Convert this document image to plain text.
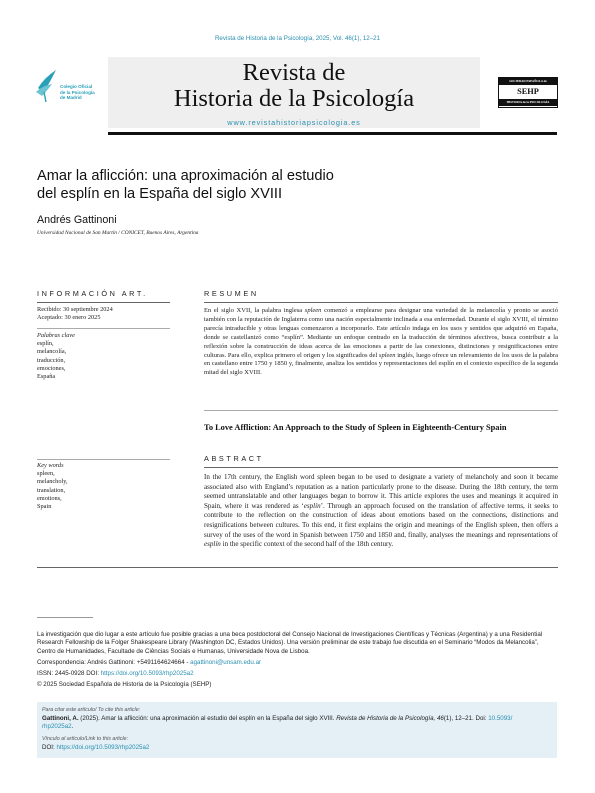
Revista de Historia de la Psicología, 2025, Vol. 46(1), 12–21
Colegio Oficial
de la Psicología
de Madrid
Revista de
Historia de la Psicología
www.revistahistoriapsicologia.es
SOCIEDAD ESPAÑOLA de
SEHP
HISTORIA de la PSICOLOGÍA
Amar la aflicción: una aproximación al estudio
del esplín en la España del siglo XVIII
Andrés Gattinoni
Universidad Nacional de San Martín / CONICET, Buenos Aires, Argentina
INFORMACIÓN ART.
Recibido: 30 septiembre 2024
Aceptado: 30 enero 2025
Palabras clave
esplín,
melancolía,
traducción,
emociones,
España
Key words
spleen,
melancholy,
translation,
emotions,
Spain
RESUMEN
En el siglo XVII, la palabra inglesa spleen comenzó a emplearse para designar una variedad de la melancolía y pronto se asoció también con la reputación de Inglaterra como una nación especialmente inclinada a esa enfermedad. Durante el siglo XVIII, el término parecía intraducible y otras lenguas comenzaron a incorporarlo. Este artículo indaga en los usos y sentidos que adquirió en España, donde se castellanizó como “esplín”. Mediante un enfoque centrado en la traducción de términos afectivos, busca contribuir a la reflexión sobre la construcción de ideas acerca de las emociones a partir de las conexiones, distinciones y resignificaciones entre culturas. Para ello, explica primero el origen y los significados del spleen inglés, luego ofrece un relevamiento de los usos de la palabra en castellano entre 1750 y 1850 y, finalmente, analiza los sentidos y representaciones del esplín en el contexto específico de la segunda mitad del siglo XVIII.
To Love Affliction: An Approach to the Study of Spleen in Eighteenth-Century Spain
ABSTRACT
In the 17th century, the English word spleen began to be used to designate a variety of melancholy and soon it became associated also with England’s reputation as a nation particularly prone to the disease. During the 18th century, the term seemed untranslatable and other languages began to borrow it. This article explores the uses and meanings it acquired in Spain, where it was rendered as ‘esplín’. Through an approach focused on the translation of affective terms, it seeks to contribute to the reflection on the construction of ideas about emotions based on the connections, distinctions and resignifications between cultures. To this end, it first explains the origin and meanings of the English spleen, then offers a survey of the uses of the word in Spanish between 1750 and 1850 and, finally, analyses the meanings and representations of esplín in the specific context of the second half of the 18th century.
La investigación que dio lugar a este artículo fue posible gracias a una beca postdoctoral del Consejo Nacional de Investigaciones Científicas y Técnicas (Argentina) y a una Residential Research Fellowship de la Folger Shakespeare Library (Washington DC, Estados Unidos). Una versión preliminar de este trabajo fue discutida en el Seminario “Modos da Melancolia”, Centro de Humanidades, Facultade de Ciências Sociais e Humanas, Universidade Nova de Lisboa.
Correspondencia: Andrés Gattinoni: +5491164624664 - agattinoni@unsam.edu.ar
ISSN: 2445-0928 DOI: https://doi.org/10.5093/rhp2025a2
© 2025 Sociedad Española de Historia de la Psicología (SEHP)
Para citar este artículo/ To cite this article:
Gattinoni, A. (2025). Amar la aflicción: una aproximación al estudio del esplín en la España del siglo XVIII. Revista de Historia de la Psicología, 46(1), 12–21. Doi: 10.5093/
rhp2025a2.
Vínculo al artículo/Link to this article:
DOI: https://doi.org/10.5093/rhp2025a2
